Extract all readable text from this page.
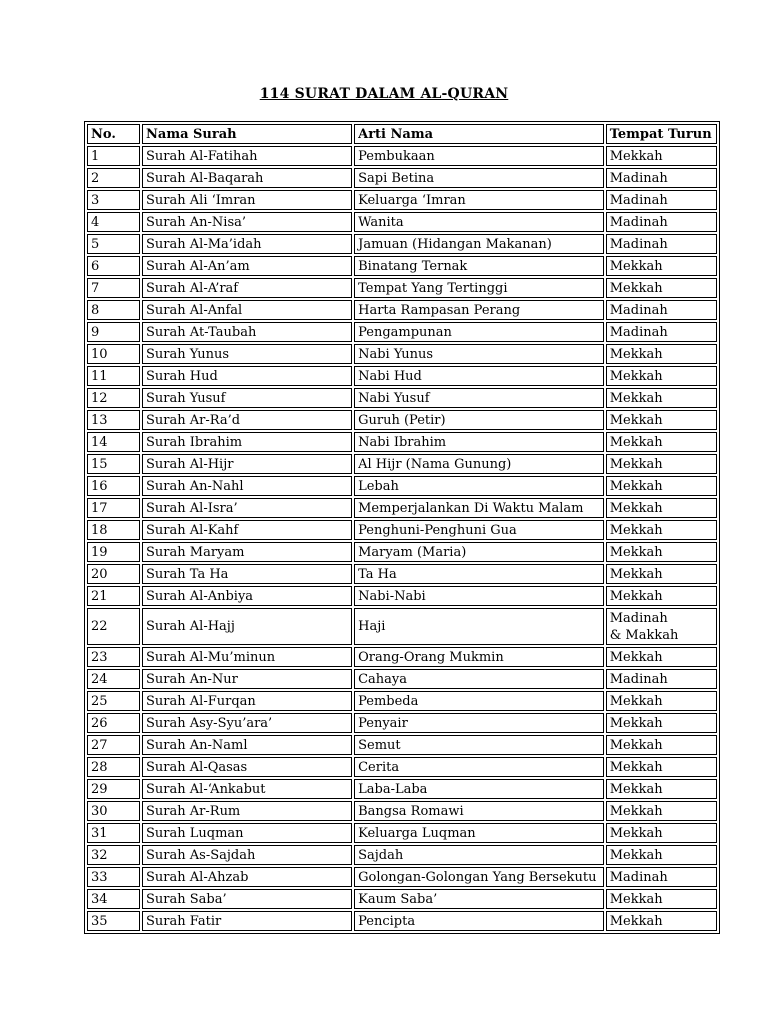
114 SURAT DALAM AL-QURAN
No.	Nama Surah	Arti Nama	Tempat Turun
1	Surah Al-Fatihah	Pembukaan	Mekkah
2	Surah Al-Baqarah	Sapi Betina	Madinah
3	Surah Ali ‘Imran	Keluarga ‘Imran	Madinah
4	Surah An-Nisa’	Wanita	Madinah
5	Surah Al-Ma’idah	Jamuan (Hidangan Makanan)	Madinah
6	Surah Al-An’am	Binatang Ternak	Mekkah
7	Surah Al-A’raf	Tempat Yang Tertinggi	Mekkah
8	Surah Al-Anfal	Harta Rampasan Perang	Madinah
9	Surah At-Taubah	Pengampunan	Madinah
10	Surah Yunus	Nabi Yunus	Mekkah
11	Surah Hud	Nabi Hud	Mekkah
12	Surah Yusuf	Nabi Yusuf	Mekkah
13	Surah Ar-Ra’d	Guruh (Petir)	Mekkah
14	Surah Ibrahim	Nabi Ibrahim	Mekkah
15	Surah Al-Hijr	Al Hijr (Nama Gunung)	Mekkah
16	Surah An-Nahl	Lebah	Mekkah
17	Surah Al-Isra’	Memperjalankan Di Waktu Malam	Mekkah
18	Surah Al-Kahf	Penghuni-Penghuni Gua	Mekkah
19	Surah Maryam	Maryam (Maria)	Mekkah
20	Surah Ta Ha	Ta Ha	Mekkah
21	Surah Al-Anbiya	Nabi-Nabi	Mekkah
22	Surah Al-Hajj	Haji	Madinah
& Makkah

23	Surah Al-Mu’minun	Orang-Orang Mukmin	Mekkah
24	Surah An-Nur	Cahaya	Madinah
25	Surah Al-Furqan	Pembeda	Mekkah
26	Surah Asy-Syu’ara’	Penyair	Mekkah
27	Surah An-Naml	Semut	Mekkah
28	Surah Al-Qasas	Cerita	Mekkah
29	Surah Al-‘Ankabut	Laba-Laba	Mekkah
30	Surah Ar-Rum	Bangsa Romawi	Mekkah
31	Surah Luqman	Keluarga Luqman	Mekkah
32	Surah As-Sajdah	Sajdah	Mekkah
33	Surah Al-Ahzab	Golongan-Golongan Yang Bersekutu	Madinah
34	Surah Saba’	Kaum Saba’	Mekkah
35	Surah Fatir	Pencipta	Mekkah
